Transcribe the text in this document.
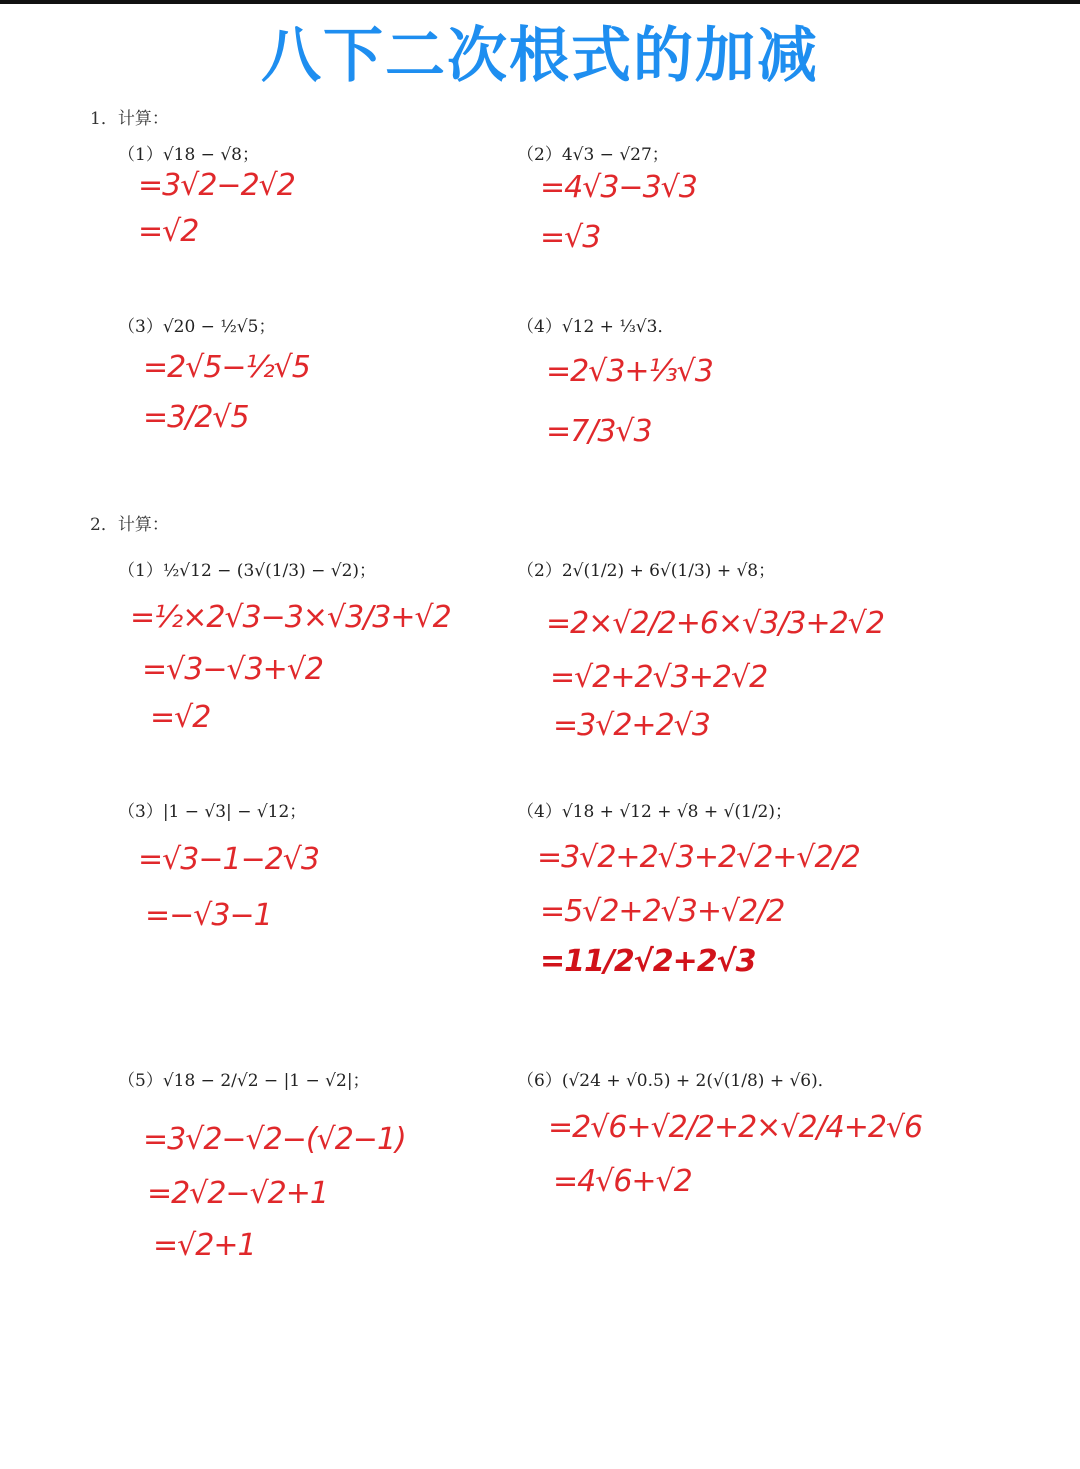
八下二次根式的加减
1．计算：
（1）√18 − √8；
=3√2−2√2
=√2
（2）4√3 − √27；
=4√3−3√3
=√3
（3）√20 − ½√5；
=2√5−½√5
=3/2√5
（4）√12 + ⅓√3．
=2√3+⅓√3
=7/3√3
2．计算：
（1）½√12 − (3√(1/3) − √2)；
=½×2√3−3×√3/3+√2
=√3−√3+√2
=√2
（2）2√(1/2) + 6√(1/3) + √8；
=2×√2/2+6×√3/3+2√2
=√2+2√3+2√2
=3√2+2√3
（3）|1 − √3| − √12；
=√3−1−2√3
=−√3−1
（4）√18 + √12 + √8 + √(1/2)；
=3√2+2√3+2√2+√2/2
=5√2+2√3+√2/2
=11/2√2+2√3
（5）√18 − 2/√2 − |1 − √2|；
=3√2−√2−(√2−1)
=2√2−√2+1
=√2+1
（6）(√24 + √0.5) + 2(√(1/8) + √6)．
=2√6+√2/2+2×√2/4+2√6
=4√6+√2
